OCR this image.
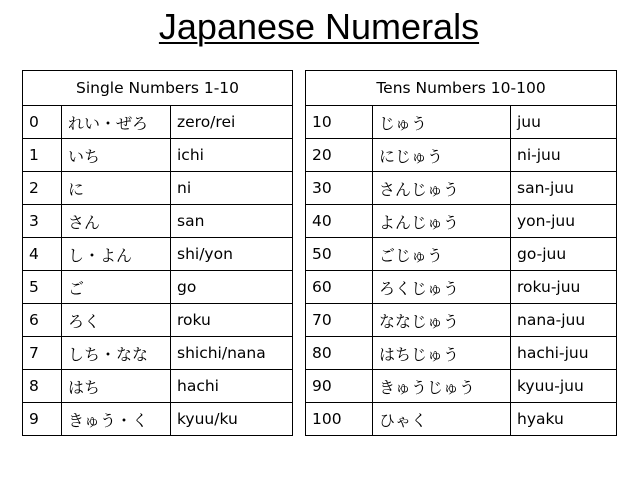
Japanese Numerals
Single Numbers 1-10		
0	れい・ぜろ	zero/rei
1	いち	ichi
2	に	ni
3	さん	san
4	し・よん	shi/yon
5	ご	go
6	ろく	roku
7	しち・なな	shichi/nana
8	はち	hachi
9	きゅう・く	kyuu/ku
Tens Numbers 10-100		
10	じゅう	juu
20	にじゅう	ni-juu
30	さんじゅう	san-juu
40	よんじゅう	yon-juu
50	ごじゅう	go-juu
60	ろくじゅう	roku-juu
70	ななじゅう	nana-juu
80	はちじゅう	hachi-juu
90	きゅうじゅう	kyuu-juu
100	ひゃく	hyaku
